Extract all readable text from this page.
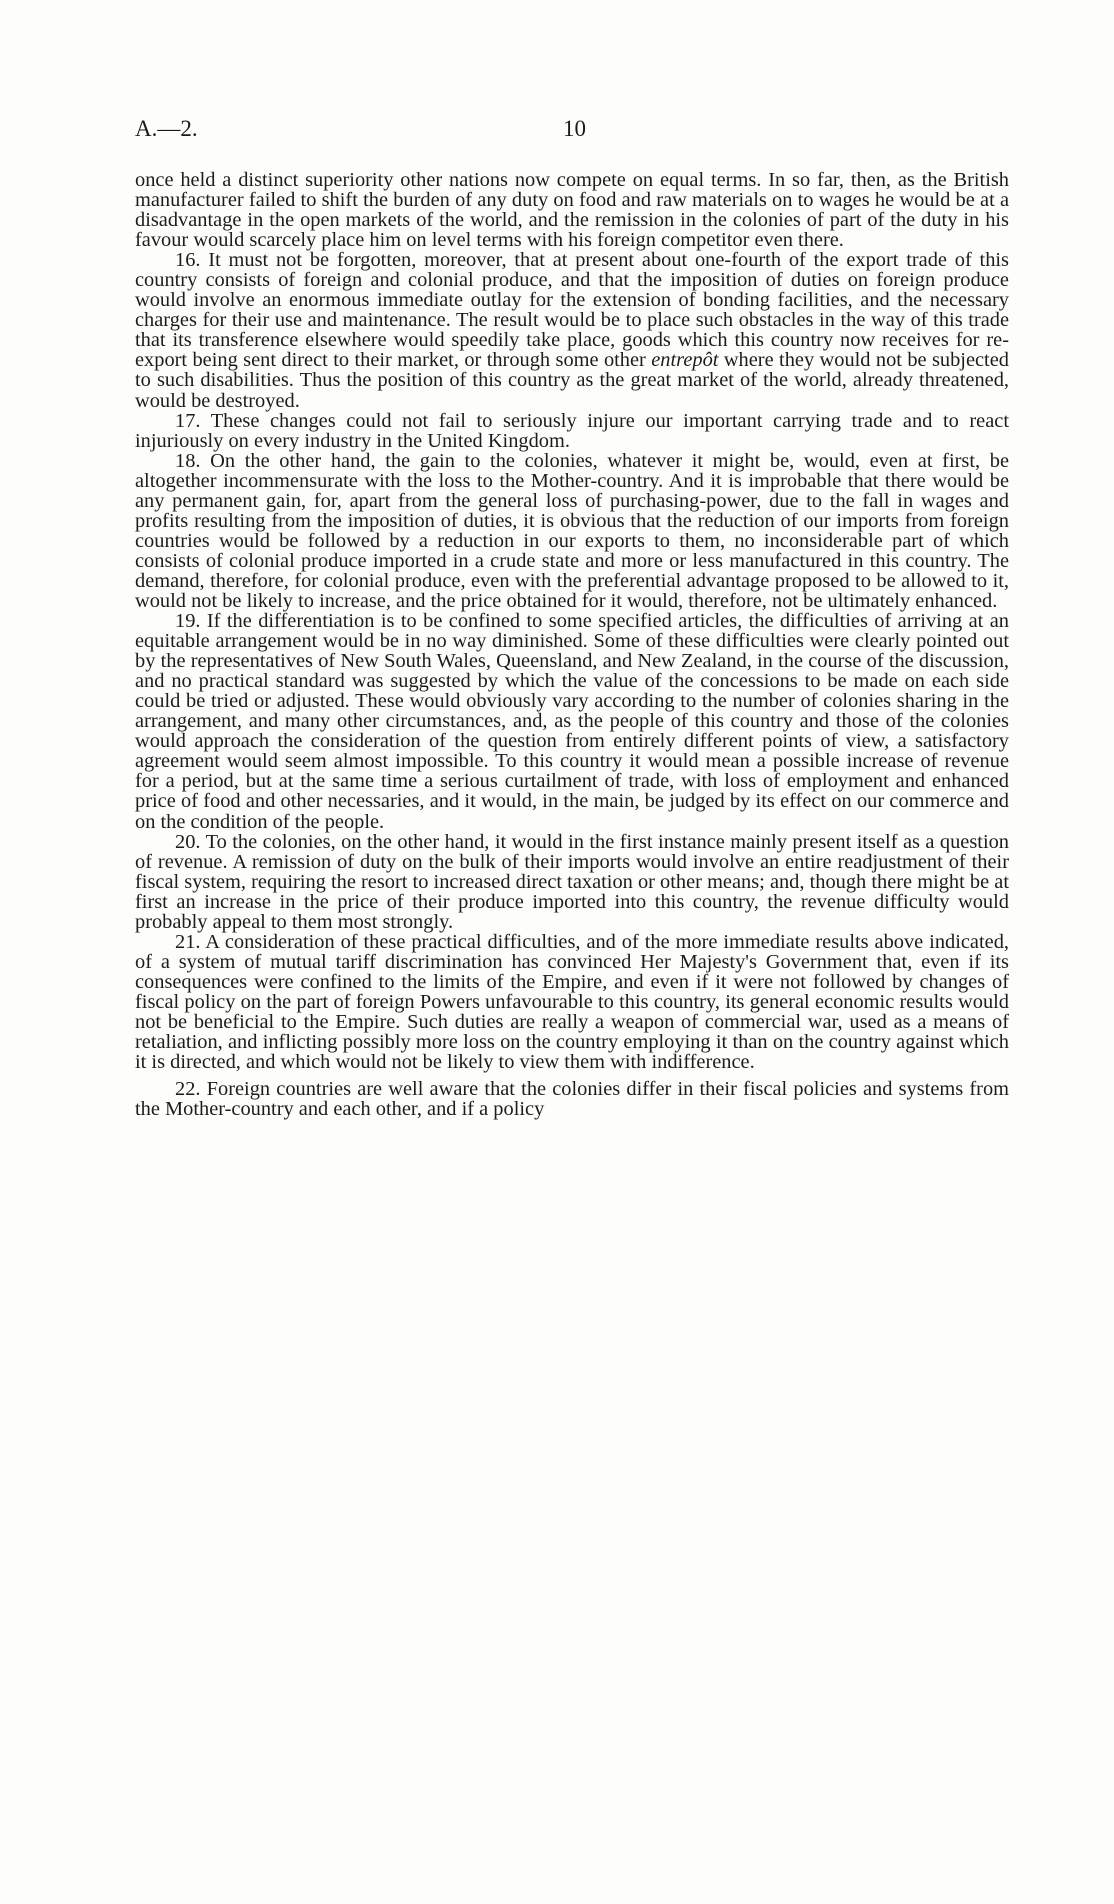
A.—2.	10

once held a distinct superiority other nations now compete on equal terms. In so far, then, as the British manufacturer failed to shift the burden of any duty on food and raw materials on to wages he would be at a disadvantage in the open markets of the world, and the remission in the colonies of part of the duty in his favour would scarcely place him on level terms with his foreign competitor even there.

16. It must not be forgotten, moreover, that at present about one-fourth of the export trade of this country consists of foreign and colonial produce, and that the imposition of duties on foreign produce would involve an enormous immediate outlay for the extension of bonding facilities, and the necessary charges for their use and maintenance. The result would be to place such obstacles in the way of this trade that its transference elsewhere would speedily take place, goods which this country now receives for re-export being sent direct to their market, or through some other entrepôt where they would not be subjected to such disabilities. Thus the position of this country as the great market of the world, already threatened, would be destroyed.

17. These changes could not fail to seriously injure our important carrying trade and to react injuriously on every industry in the United Kingdom.

18. On the other hand, the gain to the colonies, whatever it might be, would, even at first, be altogether incommensurate with the loss to the Mother-country. And it is improbable that there would be any permanent gain, for, apart from the general loss of purchasing-power, due to the fall in wages and profits resulting from the imposition of duties, it is obvious that the reduction of our imports from foreign countries would be followed by a reduction in our exports to them, no inconsiderable part of which consists of colonial produce imported in a crude state and more or less manufactured in this country. The demand, therefore, for colonial produce, even with the preferential advantage proposed to be allowed to it, would not be likely to increase, and the price obtained for it would, therefore, not be ultimately enhanced.

19. If the differentiation is to be confined to some specified articles, the difficulties of arriving at an equitable arrangement would be in no way diminished. Some of these difficulties were clearly pointed out by the representatives of New South Wales, Queensland, and New Zealand, in the course of the discussion, and no practical standard was suggested by which the value of the concessions to be made on each side could be tried or adjusted. These would obviously vary according to the number of colonies sharing in the arrangement, and many other circumstances, and, as the people of this country and those of the colonies would approach the consideration of the question from entirely different points of view, a satisfactory agreement would seem almost impossible. To this country it would mean a possible increase of revenue for a period, but at the same time a serious curtailment of trade, with loss of employment and enhanced price of food and other necessaries, and it would, in the main, be judged by its effect on our commerce and on the condition of the people.

20. To the colonies, on the other hand, it would in the first instance mainly present itself as a question of revenue. A remission of duty on the bulk of their imports would involve an entire readjustment of their fiscal system, requiring the resort to increased direct taxation or other means; and, though there might be at first an increase in the price of their produce imported into this country, the revenue difficulty would probably appeal to them most strongly.

21. A consideration of these practical difficulties, and of the more immediate results above indicated, of a system of mutual tariff discrimination has convinced Her Majesty's Government that, even if its consequences were confined to the limits of the Empire, and even if it were not followed by changes of fiscal policy on the part of foreign Powers unfavourable to this country, its general economic results would not be beneficial to the Empire. Such duties are really a weapon of commercial war, used as a means of retaliation, and inflicting possibly more loss on the country employing it than on the country against which it is directed, and which would not be likely to view them with indifference.

22. Foreign countries are well aware that the colonies differ in their fiscal policies and systems from the Mother-country and each other, and if a policy
